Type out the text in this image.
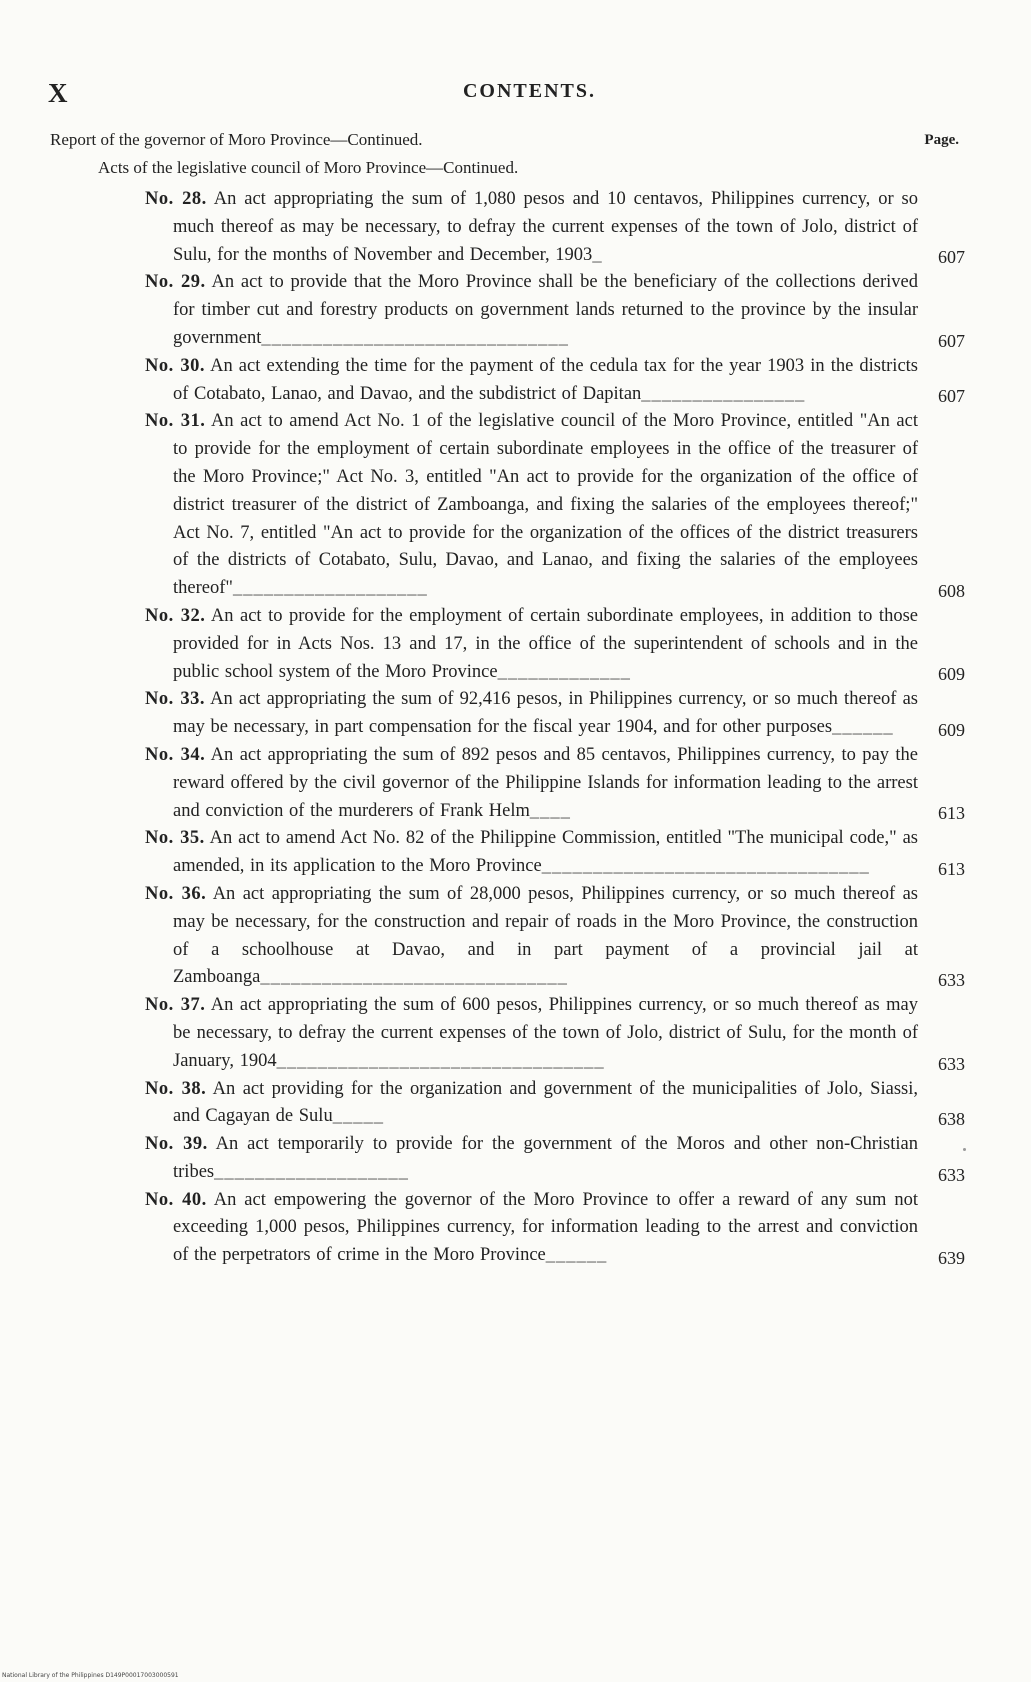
X	CONTENTS.
Report of the governor of Moro Province—Continued.	Page.
Acts of the legislative council of Moro Province—Continued.
No. 28. An act appropriating the sum of 1,080 pesos and 10 centavos, Philippines currency, or so much thereof as may be necessary, to defray the current expenses of the town of Jolo, district of Sulu, for the months of November and December, 1903_	607
No. 29. An act to provide that the Moro Province shall be the beneficiary of the collections derived for timber cut and forestry products on government lands returned to the province by the insular government______________________________	607
No. 30. An act extending the time for the payment of the cedula tax for the year 1903 in the districts of Cotabato, Lanao, and Davao, and the subdistrict of Dapitan________________	607
No. 31. An act to amend Act No. 1 of the legislative council of the Moro Province, entitled "An act to provide for the employment of certain subordinate employees in the office of the treasurer of the Moro Province;" Act No. 3, entitled "An act to provide for the organization of the office of district treasurer of the district of Zamboanga, and fixing the salaries of the employees thereof;" Act No. 7, entitled "An act to provide for the organization of the offices of the district treasurers of the districts of Cotabato, Sulu, Davao, and Lanao, and fixing the salaries of the employees thereof"___________________	608
No. 32. An act to provide for the employment of certain subordinate employees, in addition to those provided for in Acts Nos. 13 and 17, in the office of the superintendent of schools and in the public school system of the Moro Province_____________	609
No. 33. An act appropriating the sum of 92,416 pesos, in Philippines currency, or so much thereof as may be necessary, in part compensation for the fiscal year 1904, and for other purposes______	609
No. 34. An act appropriating the sum of 892 pesos and 85 centavos, Philippines currency, to pay the reward offered by the civil governor of the Philippine Islands for information leading to the arrest and conviction of the murderers of Frank Helm____	613
No. 35. An act to amend Act No. 82 of the Philippine Commission, entitled "The municipal code," as amended, in its application to the Moro Province________________________________	613
No. 36. An act appropriating the sum of 28,000 pesos, Philippines currency, or so much thereof as may be necessary, for the construction and repair of roads in the Moro Province, the construction of a schoolhouse at Davao, and in part payment of a provincial jail at Zamboanga______________________________	633
No. 37. An act appropriating the sum of 600 pesos, Philippines currency, or so much thereof as may be necessary, to defray the current expenses of the town of Jolo, district of Sulu, for the month of January, 1904________________________________	633
No. 38. An act providing for the organization and government of the municipalities of Jolo, Siassi, and Cagayan de Sulu_____	638
No. 39. An act temporarily to provide for the government of the Moros and other non-Christian tribes___________________	633
No. 40. An act empowering the governor of the Moro Province to offer a reward of any sum not exceeding 1,000 pesos, Philippines currency, for information leading to the arrest and conviction of the perpetrators of crime in the Moro Province______	639
National Library of the Philippines D149P00017003000591
